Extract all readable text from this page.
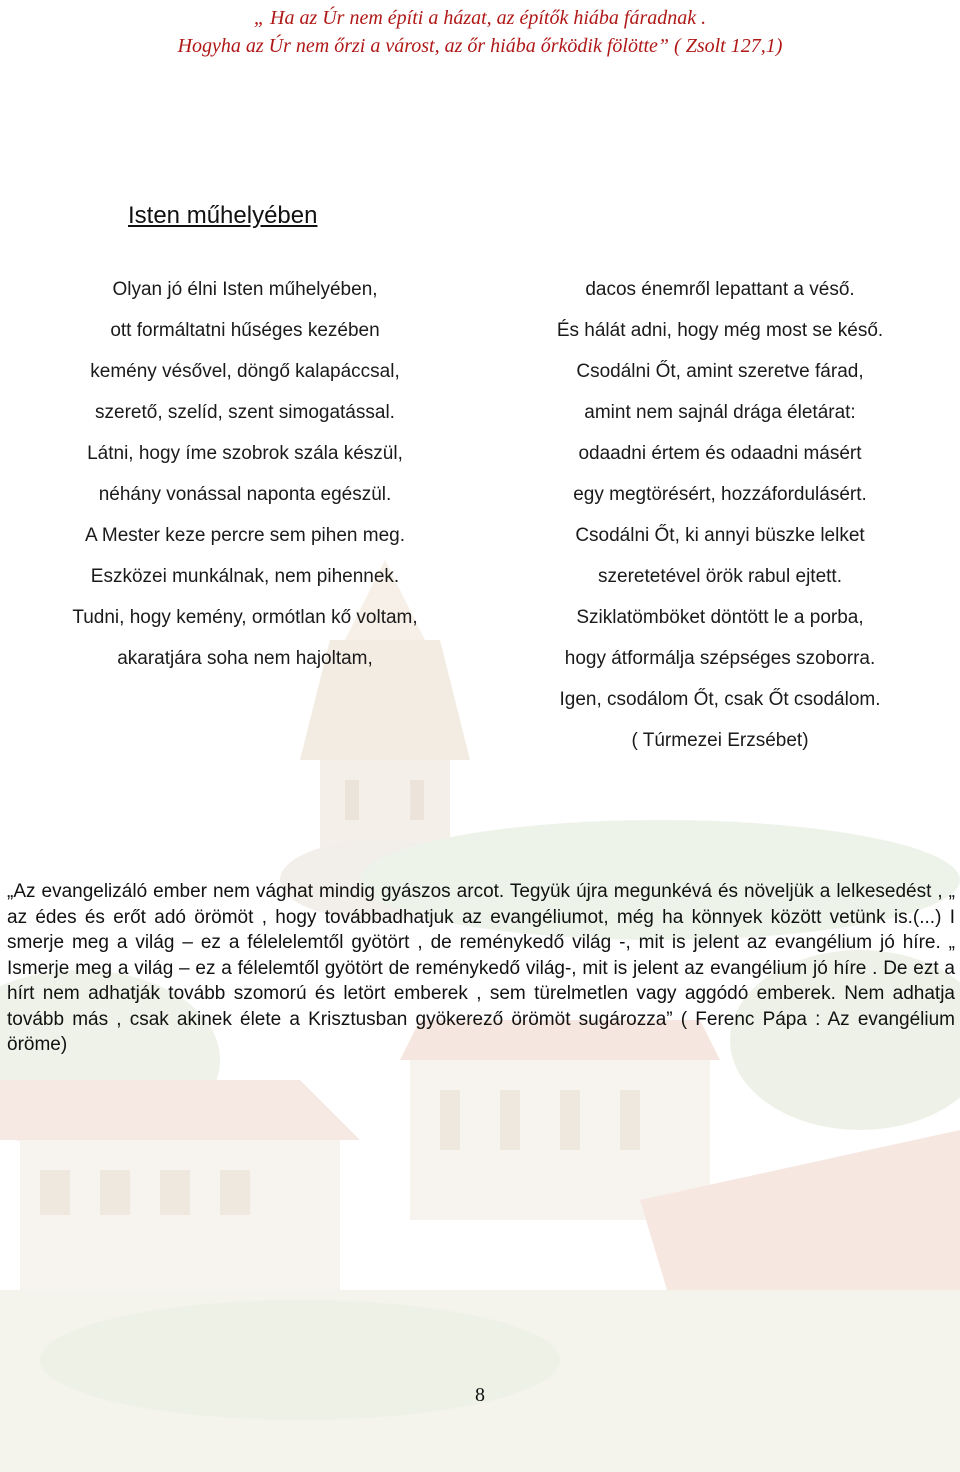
„ Ha az Úr nem építi a házat, az építők hiába fáradnak .
Hogyha az Úr nem őrzi a várost, az őr hiába őrködik fölötte” ( Zsolt 127,1)
Isten műhelyében
Olyan jó élni Isten műhelyében,
ott formáltatni hűséges kezében
kemény vésővel, döngő kalapáccsal,
szerető, szelíd, szent simogatással.
Látni, hogy íme szobrok szála készül,
néhány vonással naponta egészül.
A Mester keze percre sem pihen meg.
Eszközei munkálnak, nem pihennek.
Tudni, hogy kemény, ormótlan kő voltam,
akaratjára soha nem hajoltam,
dacos énemről lepattant a véső.
És hálát adni, hogy még most se késő.
Csodálni Őt, amint szeretve fárad,
amint nem sajnál drága életárat:
odaadni értem és odaadni másért
egy megtörésért, hozzáfordulásért.
Csodálni Őt, ki annyi büszke lelket
szeretetével örök rabul ejtett.
Sziklatömböket döntött le a porba,
hogy átformálja szépséges szoborra.
Igen, csodálom Őt, csak Őt csodálom.
( Túrmezei Erzsébet)
„Az evangelizáló ember nem vághat mindig gyászos arcot. Tegyük újra megunkévá és növeljük a lelkesedést , „ az édes és erőt adó örömöt , hogy továbbadhatjuk az evangéliumot, még ha könnyek között vetünk is.(...) I smerje meg a világ – ez a félelelemtől gyötört , de reménykedő világ -, mit is jelent az evangélium jó híre. „ Ismerje meg a világ – ez a félelemtől gyötört de reménykedő világ-, mit is jelent az evangélium jó híre . De ezt a hírt nem adhatják tovább szomorú és letört emberek , sem türelmetlen vagy aggódó emberek. Nem adhatja tovább más , csak akinek élete a Krisztusban gyökerező örömöt sugározza” ( Ferenc Pápa : Az evangélium öröme)
8
